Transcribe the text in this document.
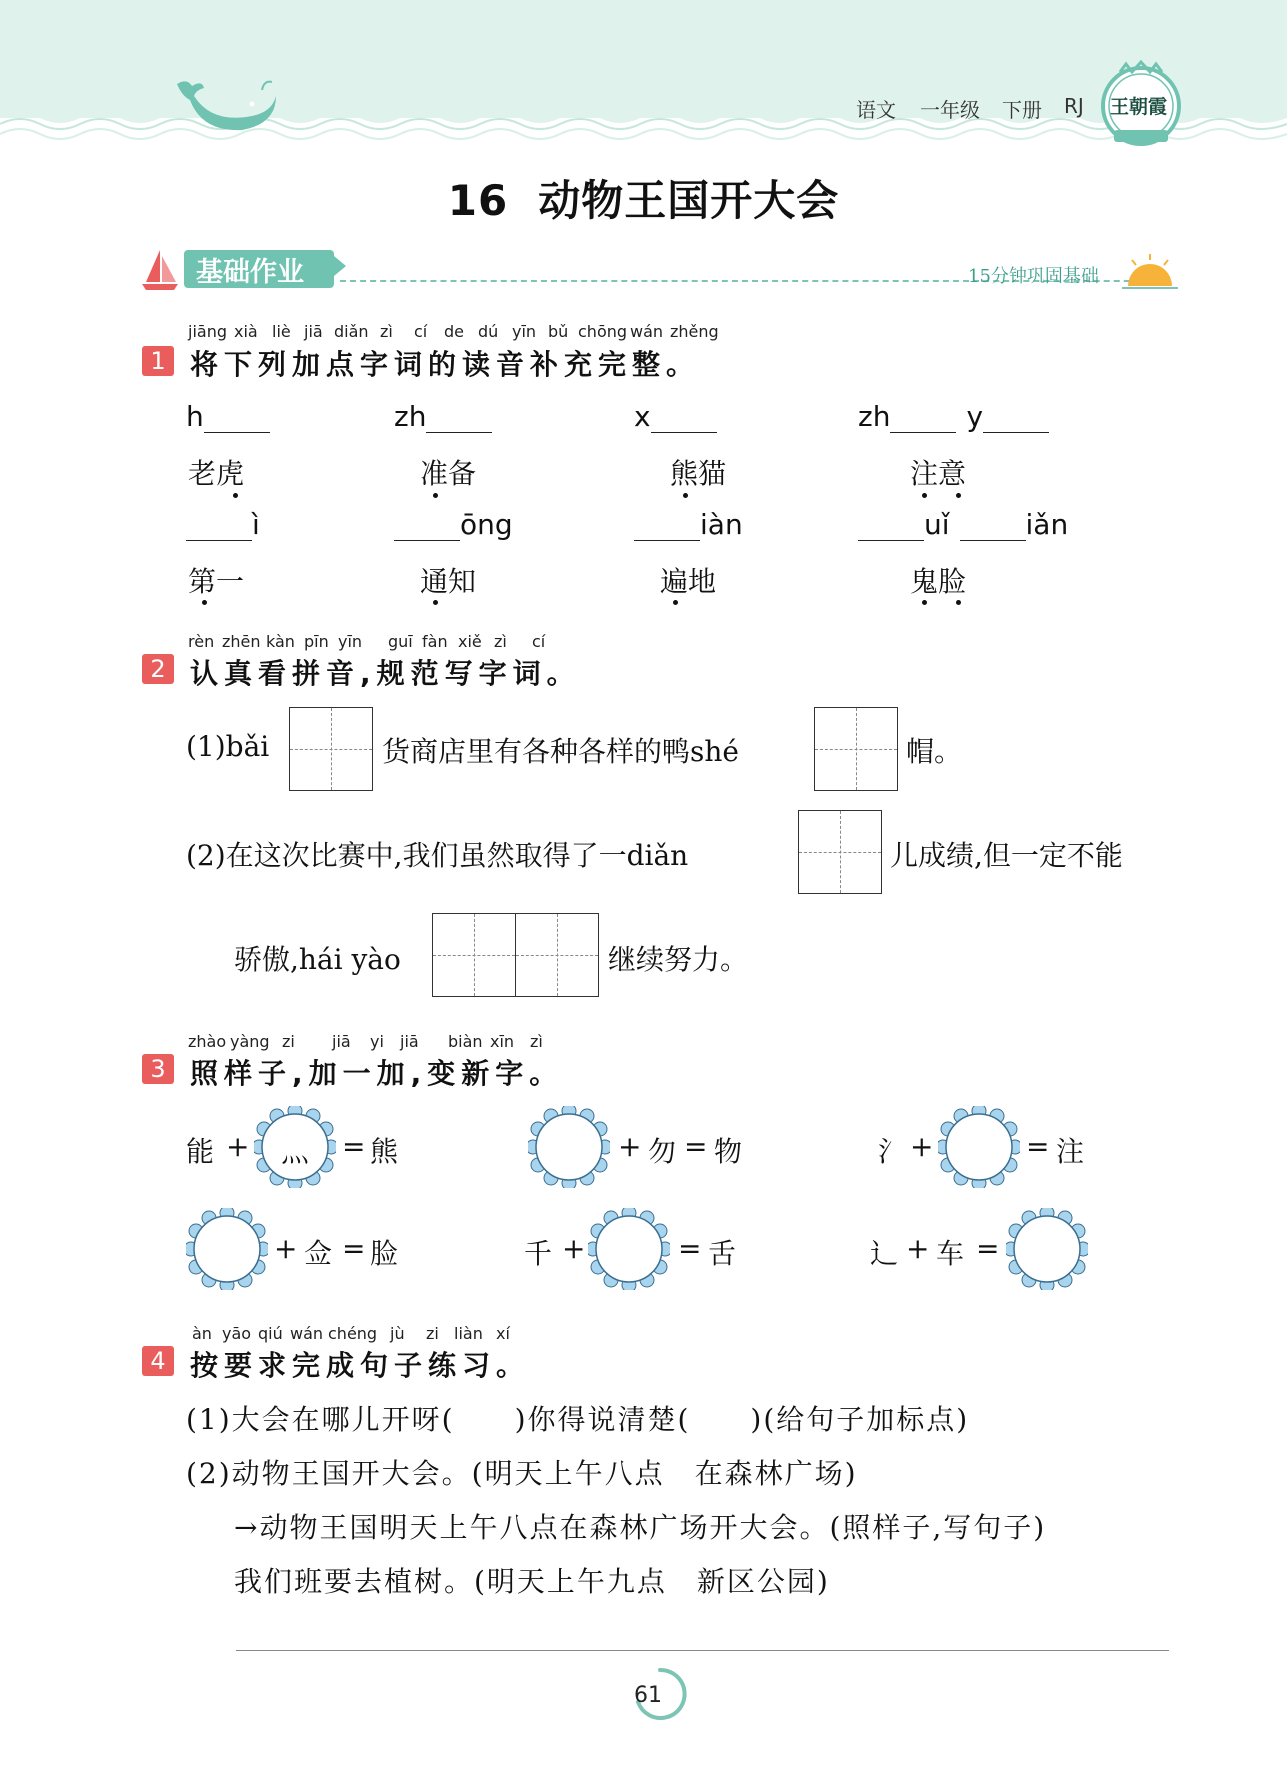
语文 一年级 下册 RJ 王朝霞
16 动物王国开大会
基础作业	15分钟巩固基础
1
jiāng xià liè jiā diǎn zì cí de dú yīn bǔ chōng wán zhěng
将下列加点字词的读音补充完整。
h	zh	x	zh	y
老虎	准备	熊猫	注意
ì	ōng	iàn	uǐ	iǎn
第一	通知	遍地	鬼脸
2
rèn zhēn kàn pīn yīn guī fàn xiě zì cí
认真看拼音,规范写字词。
(1)bǎi	货商店里有各种各样的鸭shé	帽。
(2)在这次比赛中,我们虽然取得了一diǎn	儿成绩,但一定不能
骄傲,hái yào	继续努力。
3
zhào yàng zi jiā yi jiā biàn xīn zì
照样子,加一加,变新字。
能 + 灬 = 熊	+ 勿 = 物	氵 +	= 注
+ 佥 = 脸	千 +	= 舌	辶 + 车 =
4
àn yāo qiú wán chéng jù zi liàn xí
按要求完成句子练习。
(1)大会在哪儿开呀(　　)你得说清楚(　　)(给句子加标点)
(2)动物王国开大会。(明天上午八点　在森林广场)
→动物王国明天上午八点在森林广场开大会。(照样子,写句子)
我们班要去植树。(明天上午九点　新区公园)
61
